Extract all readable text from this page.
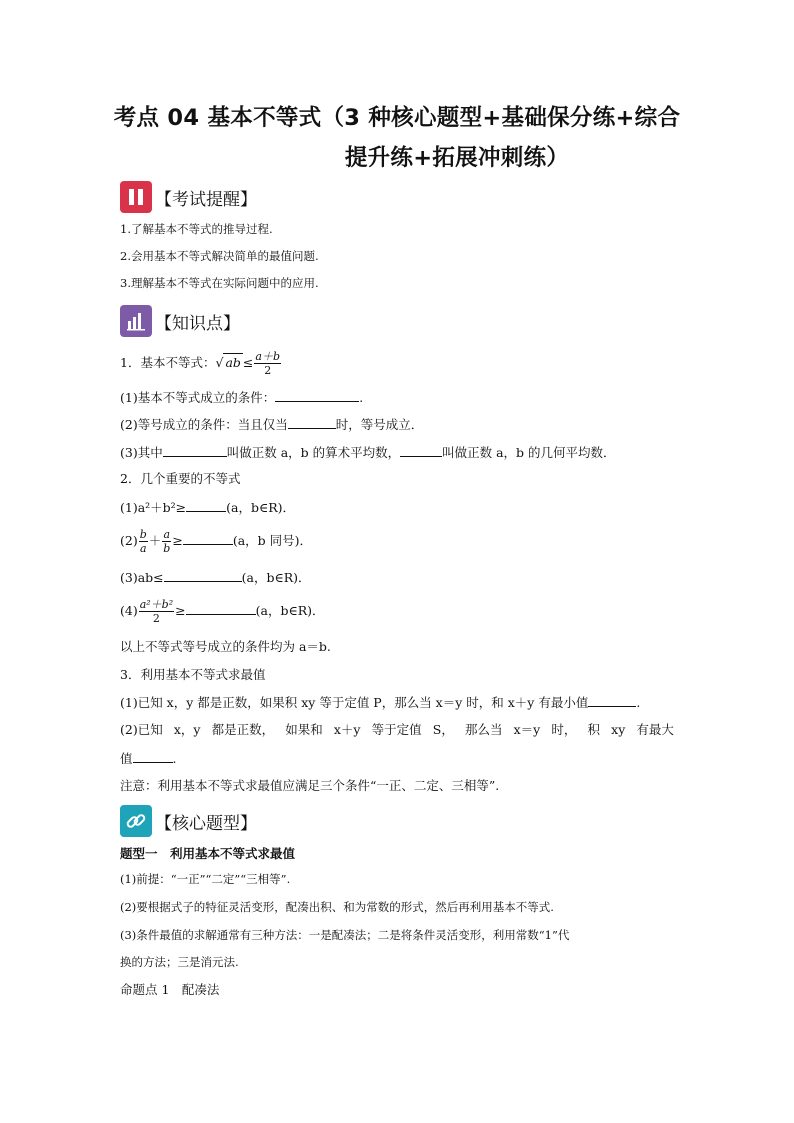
考点 04 基本不等式（3 种核心题型+基础保分练+综合
提升练+拓展冲刺练）
【考试提醒】
1.了解基本不等式的推导过程.
2.会用基本不等式解决简单的最值问题.
3.理解基本不等式在实际问题中的应用.
【知识点】
1．基本不等式：√ ab ≤ $\frac{a+b}{2}$
(1)基本不等式成立的条件：	.
(2)等号成立的条件：当且仅当	时，等号成立．
(3)其中	叫做正数 a，b 的算术平均数，	叫做正数 a，b 的几何平均数．
2．几个重要的不等式
(1)a²＋b²≥	(a，b∈R)．
$(2) \frac{b}{a} + \frac{a}{b}$ ≥	(a，b 同号)．
(3)ab≤	(a，b∈R)．
$(4) \frac{\text{a²＋b²}}{2}$ ≥	(a，b∈R)．
以上不等式等号成立的条件均为 a＝b.
3．利用基本不等式求最值
(1)已知 x，y 都是正数，如果积 xy 等于定值 P，那么当 x＝y 时，和 x＋y 有最小值	.
(2)已知 x，y 都是正数， 如果和 x＋y 等于定值 S， 那么当 x＝y 时， 积 xy 有最大
值	.
注意：利用基本不等式求最值应满足三个条件“一正、二定、三相等”.
【核心题型】
题型一　利用基本不等式求最值
(1)前提：“一正”“二定”“三相等”.
(2)要根据式子的特征灵活变形，配凑出积、和为常数的形式，然后再利用基本不等式.
(3)条件最值的求解通常有三种方法：一是配凑法；二是将条件灵活变形，利用常数“1”代
换的方法；三是消元法.
命题点 1　配凑法
